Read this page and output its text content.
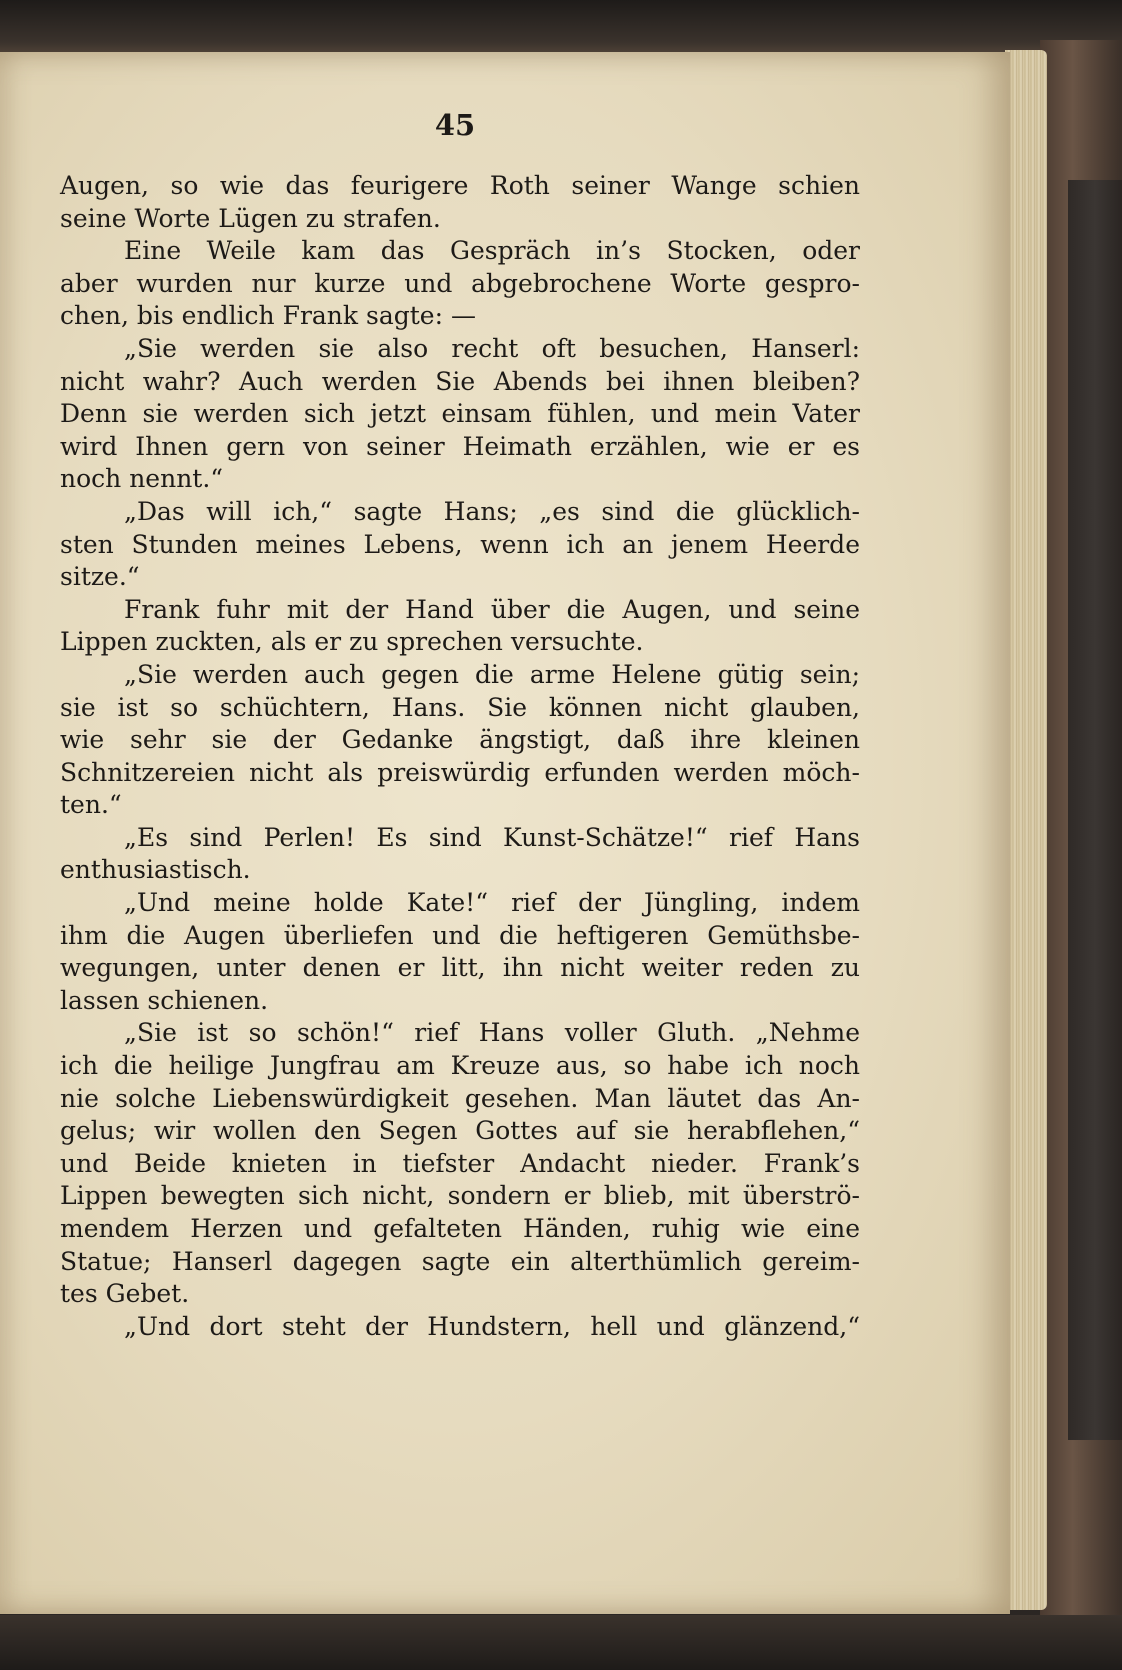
45
Augen, so wie das feurigere Roth seiner Wange schien
seine Worte Lügen zu strafen.
Eine Weile kam das Gespräch in’s Stocken, oder
aber wurden nur kurze und abgebrochene Worte gespro-
chen, bis endlich Frank sagte: —
„Sie werden sie also recht oft besuchen, Hanserl:
nicht wahr? Auch werden Sie Abends bei ihnen bleiben?
Denn sie werden sich jetzt einsam fühlen, und mein Vater
wird Ihnen gern von seiner Heimath erzählen, wie er es
noch nennt.“
„Das will ich,“ sagte Hans; „es sind die glücklich-
sten Stunden meines Lebens, wenn ich an jenem Heerde
sitze.“
Frank fuhr mit der Hand über die Augen, und seine
Lippen zuckten, als er zu sprechen versuchte.
„Sie werden auch gegen die arme Helene gütig sein;
sie ist so schüchtern, Hans. Sie können nicht glauben,
wie sehr sie der Gedanke ängstigt, daß ihre kleinen
Schnitzereien nicht als preiswürdig erfunden werden möch-
ten.“
„Es sind Perlen! Es sind Kunst-Schätze!“ rief Hans
enthusiastisch.
„Und meine holde Kate!“ rief der Jüngling, indem
ihm die Augen überliefen und die heftigeren Gemüthsbe-
wegungen, unter denen er litt, ihn nicht weiter reden zu
lassen schienen.
„Sie ist so schön!“ rief Hans voller Gluth. „Nehme
ich die heilige Jungfrau am Kreuze aus, so habe ich noch
nie solche Liebenswürdigkeit gesehen. Man läutet das An-
gelus; wir wollen den Segen Gottes auf sie herabflehen,“
und Beide knieten in tiefster Andacht nieder. Frank’s
Lippen bewegten sich nicht, sondern er blieb, mit überströ-
mendem Herzen und gefalteten Händen, ruhig wie eine
Statue; Hanserl dagegen sagte ein alterthümlich gereim-
tes Gebet.
„Und dort steht der Hundstern, hell und glänzend,“
